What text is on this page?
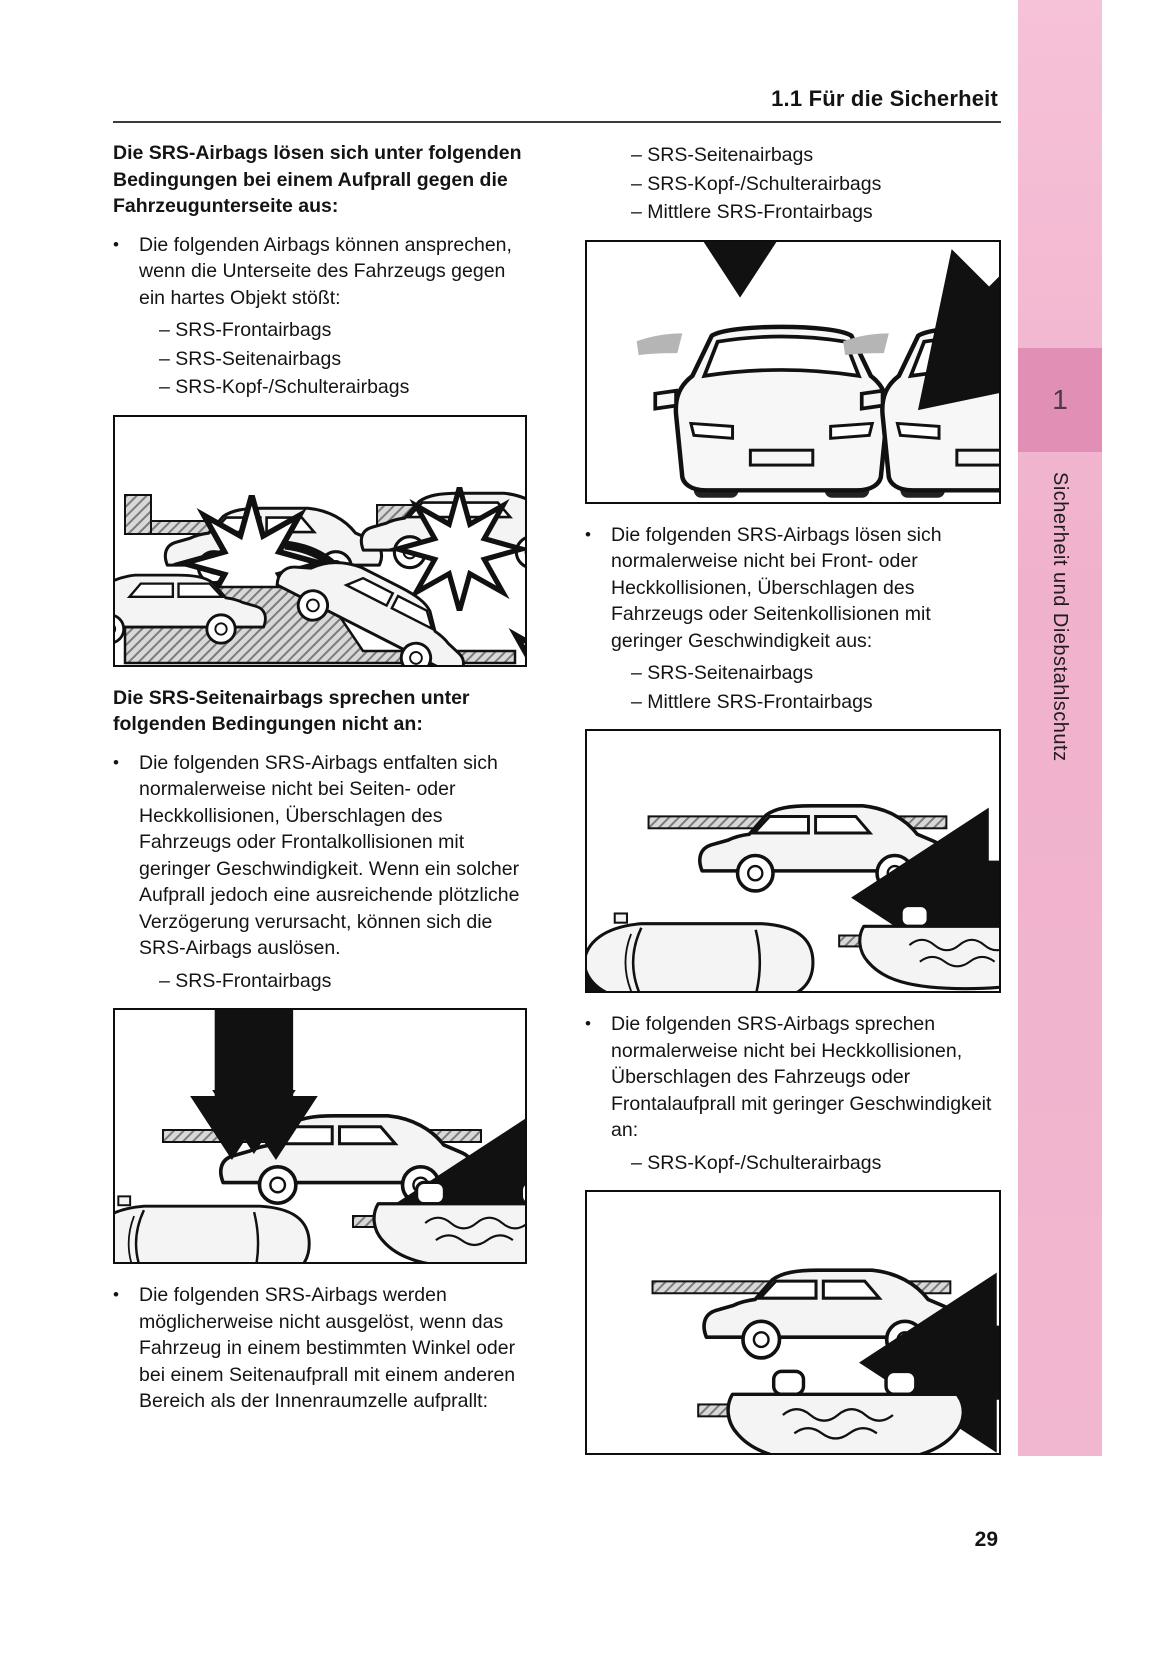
1.1 Für die Sicherheit

Die SRS-Airbags lösen sich unter folgenden Bedingungen bei einem Aufprall gegen die Fahrzeugunterseite aus:

•	Die folgenden Airbags können ansprechen, wenn die Unterseite des Fahrzeugs gegen ein hartes Objekt stößt:
– SRS-Frontairbags
– SRS-Seitenairbags
– SRS-Kopf-/Schulterairbags

Die SRS-Seitenairbags sprechen unter folgenden Bedingungen nicht an:

•	Die folgenden SRS-Airbags entfalten sich normalerweise nicht bei Seiten- oder Heckkollisionen, Überschlagen des Fahrzeugs oder Frontalkollisionen mit geringer Geschwindigkeit. Wenn ein solcher Aufprall jedoch eine ausreichende plötzliche Verzögerung verursacht, können sich die SRS-Airbags auslösen.
– SRS-Frontairbags
•	Die folgenden SRS-Airbags werden möglicherweise nicht ausgelöst, wenn das Fahrzeug in einem bestimmten Winkel oder bei einem Seitenaufprall mit einem anderen Bereich als der Innenraumzelle aufprallt:
– SRS-Seitenairbags
– SRS-Kopf-/Schulterairbags
– Mittlere SRS-Frontairbags
•	Die folgenden SRS-Airbags lösen sich normalerweise nicht bei Front- oder Heckkollisionen, Überschlagen des Fahrzeugs oder Seitenkollisionen mit geringer Geschwindigkeit aus:
– SRS-Seitenairbags
– Mittlere SRS-Frontairbags
•	Die folgenden SRS-Airbags sprechen normalerweise nicht bei Heckkollisionen, Überschlagen des Fahrzeugs oder Frontalaufprall mit geringer Geschwindigkeit an:
– SRS-Kopf-/Schulterairbags
1
Sicherheit und Diebstahlschutz
29
